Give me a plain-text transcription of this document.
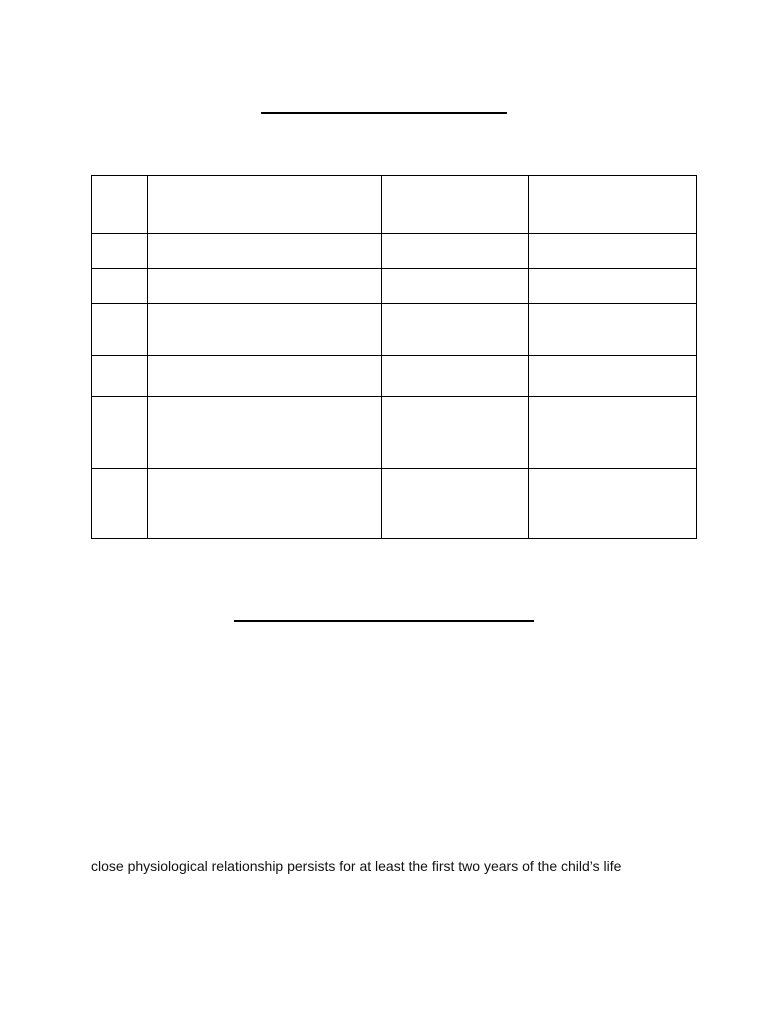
close physiological relationship persists for at least the first two years of the child’s life
